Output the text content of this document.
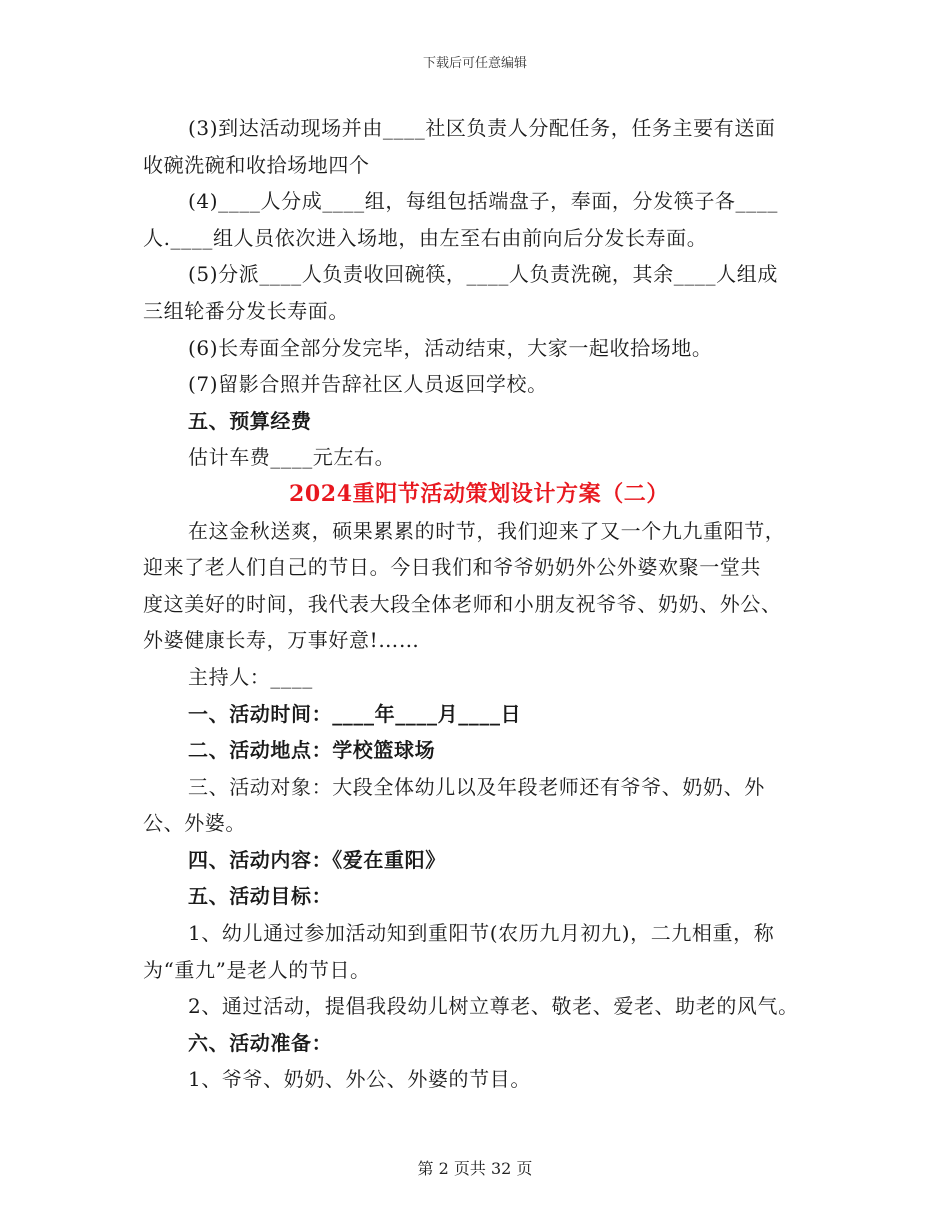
下载后可任意编辑

(3)到达活动现场并由____社区负责人分配任务，任务主要有送面

收碗洗碗和收拾场地四个

(4)____人分成____组，每组包括端盘子，奉面，分发筷子各____

人.____组人员依次进入场地，由左至右由前向后分发长寿面。

(5)分派____人负责收回碗筷，____人负责洗碗，其余____人组成

三组轮番分发长寿面。

(6)长寿面全部分发完毕，活动结束，大家一起收拾场地。

(7)留影合照并告辞社区人员返回学校。

五、预算经费

估计车费____元左右。

2024重阳节活动策划设计方案（二）

在这金秋送爽，硕果累累的时节，我们迎来了又一个九九重阳节，

迎来了老人们自己的节日。今日我们和爷爷奶奶外公外婆欢聚一堂共

度这美好的时间，我代表大段全体老师和小朋友祝爷爷、奶奶、外公、

外婆健康长寿，万事好意!……

主持人：____

一、活动时间：____年____月____日

二、活动地点：学校篮球场

三、活动对象：大段全体幼儿以及年段老师还有爷爷、奶奶、外

公、外婆。

四、活动内容：《爱在重阳》

五、活动目标：

1、幼儿通过参加活动知到重阳节(农历九月初九)，二九相重，称

为“重九”是老人的节日。

2、通过活动，提倡我段幼儿树立尊老、敬老、爱老、助老的风气。

六、活动准备：

1、爷爷、奶奶、外公、外婆的节目。

第 2 页共 32 页
